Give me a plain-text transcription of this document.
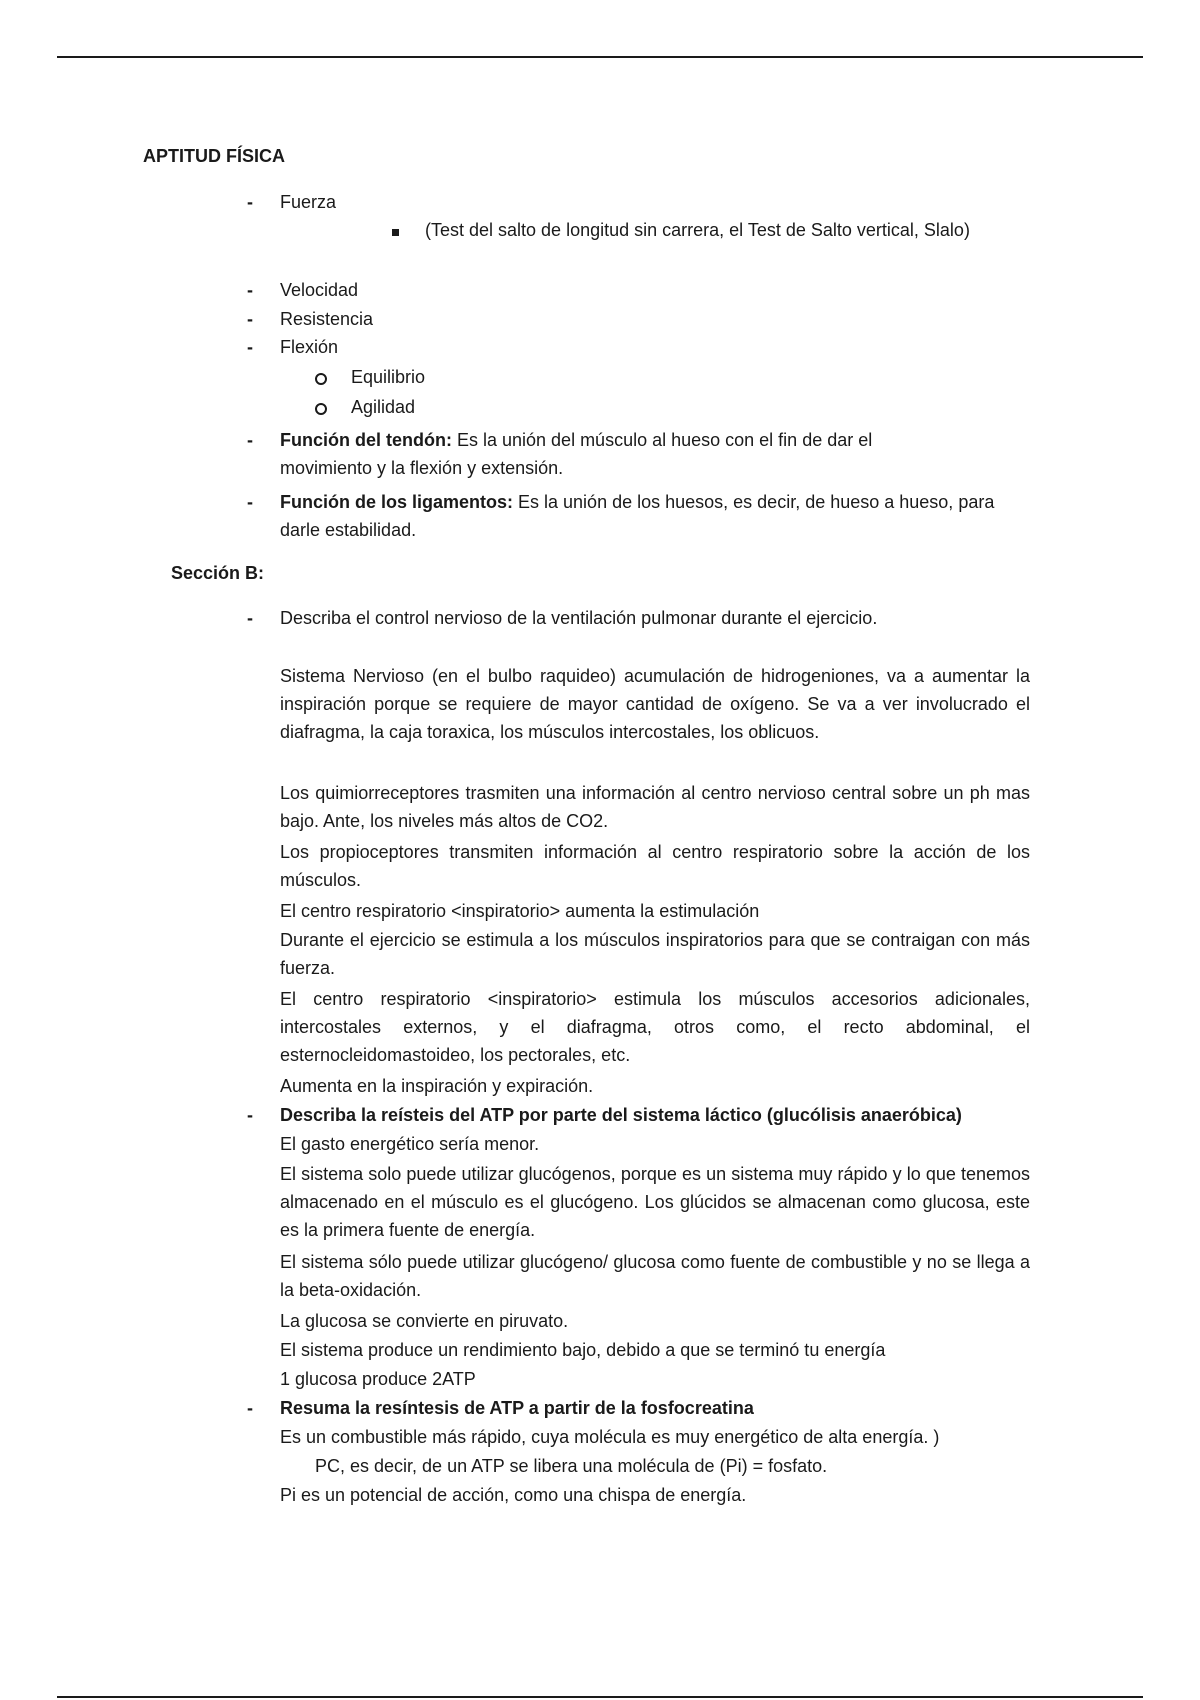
APTITUD FÍSICA
- Fuerza
(Test del salto de longitud sin carrera, el Test de Salto vertical, Slalo)
- Velocidad
- Resistencia
- Flexión
Equilibrio
Agilidad
- Función del tendón: Es la unión del músculo al hueso con el fin de dar el movimiento y la flexión y extensión.
- Función de los ligamentos: Es la unión de los huesos, es decir, de hueso a hueso, para darle estabilidad.
Sección B:
- Describa el control nervioso de la ventilación pulmonar durante el ejercicio.
Sistema Nervioso (en el bulbo raquideo) acumulación de hidrogeniones, va a aumentar la inspiración porque se requiere de mayor cantidad de oxígeno. Se va a ver involucrado el diafragma, la caja toraxica, los músculos intercostales, los oblicuos.
Los quimiorreceptores trasmiten una información al centro nervioso central sobre un ph mas bajo. Ante, los niveles más altos de CO2.
Los propioceptores transmiten información al centro respiratorio sobre la acción de los músculos.
El centro respiratorio <inspiratorio> aumenta la estimulación
Durante el ejercicio se estimula a los músculos inspiratorios para que se contraigan con más fuerza.
El centro respiratorio <inspiratorio> estimula los músculos accesorios adicionales, intercostales externos, y el diafragma, otros como, el recto abdominal, el esternocleidomastoideo, los pectorales, etc.
Aumenta en la inspiración y expiración.
- Describa la reísteis del ATP por parte del sistema láctico (glucólisis anaeróbica)
El gasto energético sería menor.
El sistema solo puede utilizar glucógenos, porque es un sistema muy rápido y lo que tenemos almacenado en el músculo es el glucógeno. Los glúcidos se almacenan como glucosa, este es la primera fuente de energía.
El sistema sólo puede utilizar glucógeno/ glucosa como fuente de combustible y no se llega a la beta-oxidación.
La glucosa se convierte en piruvato.
El sistema produce un rendimiento bajo, debido a que se terminó tu energía
1 glucosa produce 2ATP
- Resuma la resíntesis de ATP a partir de la fosfocreatina
Es un combustible más rápido, cuya molécula es muy energético de alta energía. )
PC, es decir, de un ATP se libera una molécula de (Pi) = fosfato.
Pi es un potencial de acción, como una chispa de energía.
